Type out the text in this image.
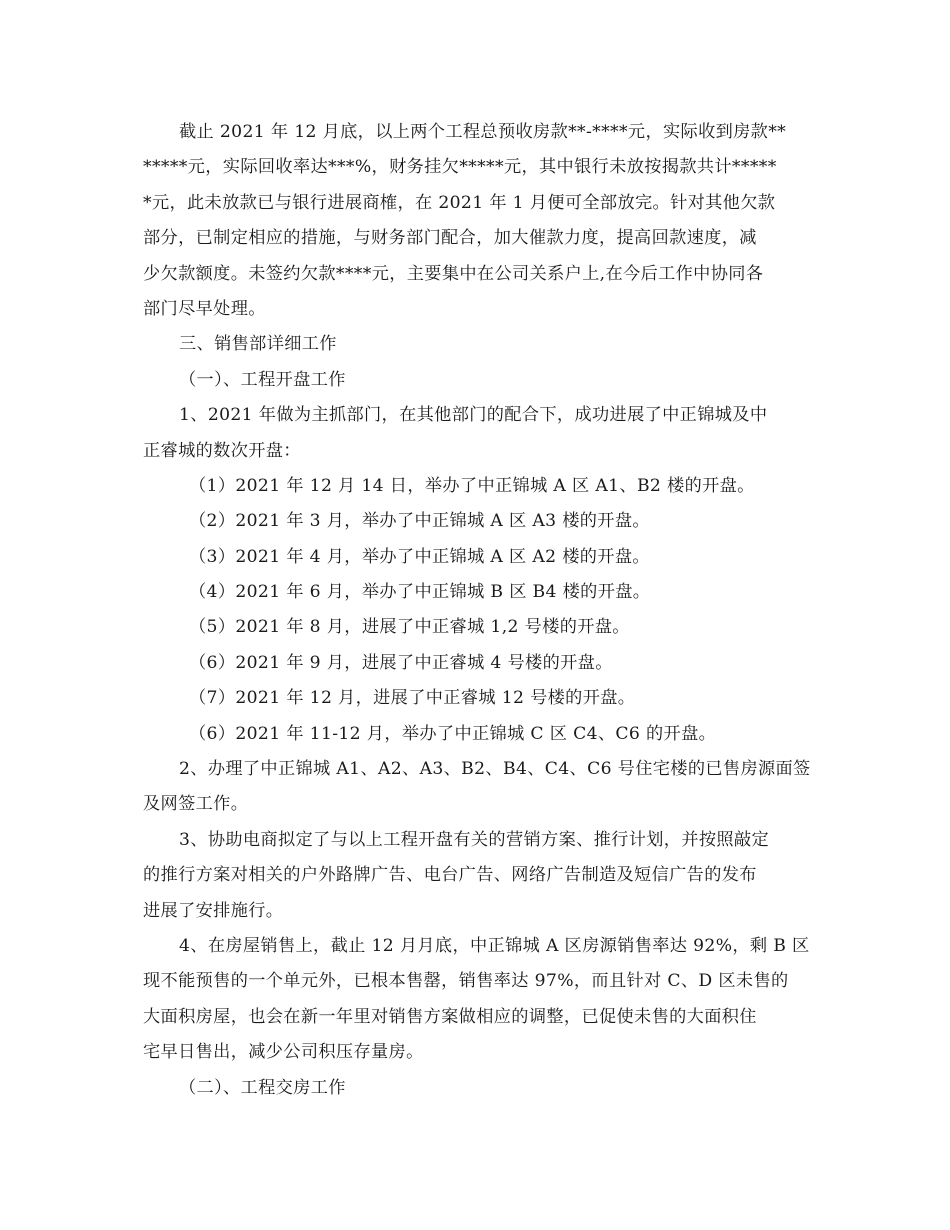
截止 2021 年 12 月底，以上两个工程总预收房款**-****元，实际收到房款**
*****元，实际回收率达***%，财务挂欠*****元，其中银行未放按揭款共计*****
*元，此未放款已与银行进展商榷，在 2021 年 1 月便可全部放完。针对其他欠款
部分，已制定相应的措施，与财务部门配合，加大催款力度，提高回款速度，减
少欠款额度。未签约欠款****元，主要集中在公司关系户上,在今后工作中协同各
部门尽早处理。
三、销售部详细工作
（一）、工程开盘工作
1、2021 年做为主抓部门，在其他部门的配合下，成功进展了中正锦城及中
正睿城的数次开盘：
（1）2021 年 12 月 14 日，举办了中正锦城 A 区 A1、B2 楼的开盘。
（2）2021 年 3 月，举办了中正锦城 A 区 A3 楼的开盘。
（3）2021 年 4 月，举办了中正锦城 A 区 A2 楼的开盘。
（4）2021 年 6 月，举办了中正锦城 B 区 B4 楼的开盘。
（5）2021 年 8 月，进展了中正睿城 1,2 号楼的开盘。
（6）2021 年 9 月，进展了中正睿城 4 号楼的开盘。
（7）2021 年 12 月，进展了中正睿城 12 号楼的开盘。
（6）2021 年 11-12 月，举办了中正锦城 C 区 C4、C6 的开盘。
2、办理了中正锦城 A1、A2、A3、B2、B4、C4、C6 号住宅楼的已售房源面签
及网签工作。
3、协助电商拟定了与以上工程开盘有关的营销方案、推行计划，并按照敲定
的推行方案对相关的户外路牌广告、电台广告、网络广告制造及短信广告的发布
进展了安排施行。
4、在房屋销售上，截止 12 月月底，中正锦城 A 区房源销售率达 92%，剩 B 区
现不能预售的一个单元外，已根本售罄，销售率达 97%，而且针对 C、D 区未售的
大面积房屋，也会在新一年里对销售方案做相应的调整，已促使未售的大面积住
宅早日售出，减少公司积压存量房。
（二）、工程交房工作
